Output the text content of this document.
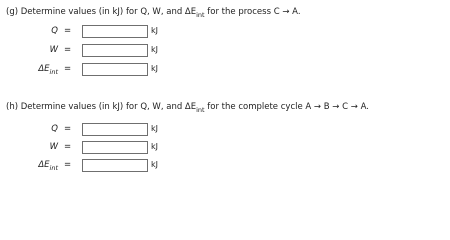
(g) Determine values (in kJ) for Q, W, and $\Delta E_{int}$ for the process C → A.
Q =	kJ
W =	kJ
$\Delta E_{int}$ =	kJ
(h) Determine values (in kJ) for Q, W, and $\Delta E_{int}$ for the complete cycle A → B → C → A.
Q =	kJ
W =	kJ
$\Delta E_{int}$ =	kJ
